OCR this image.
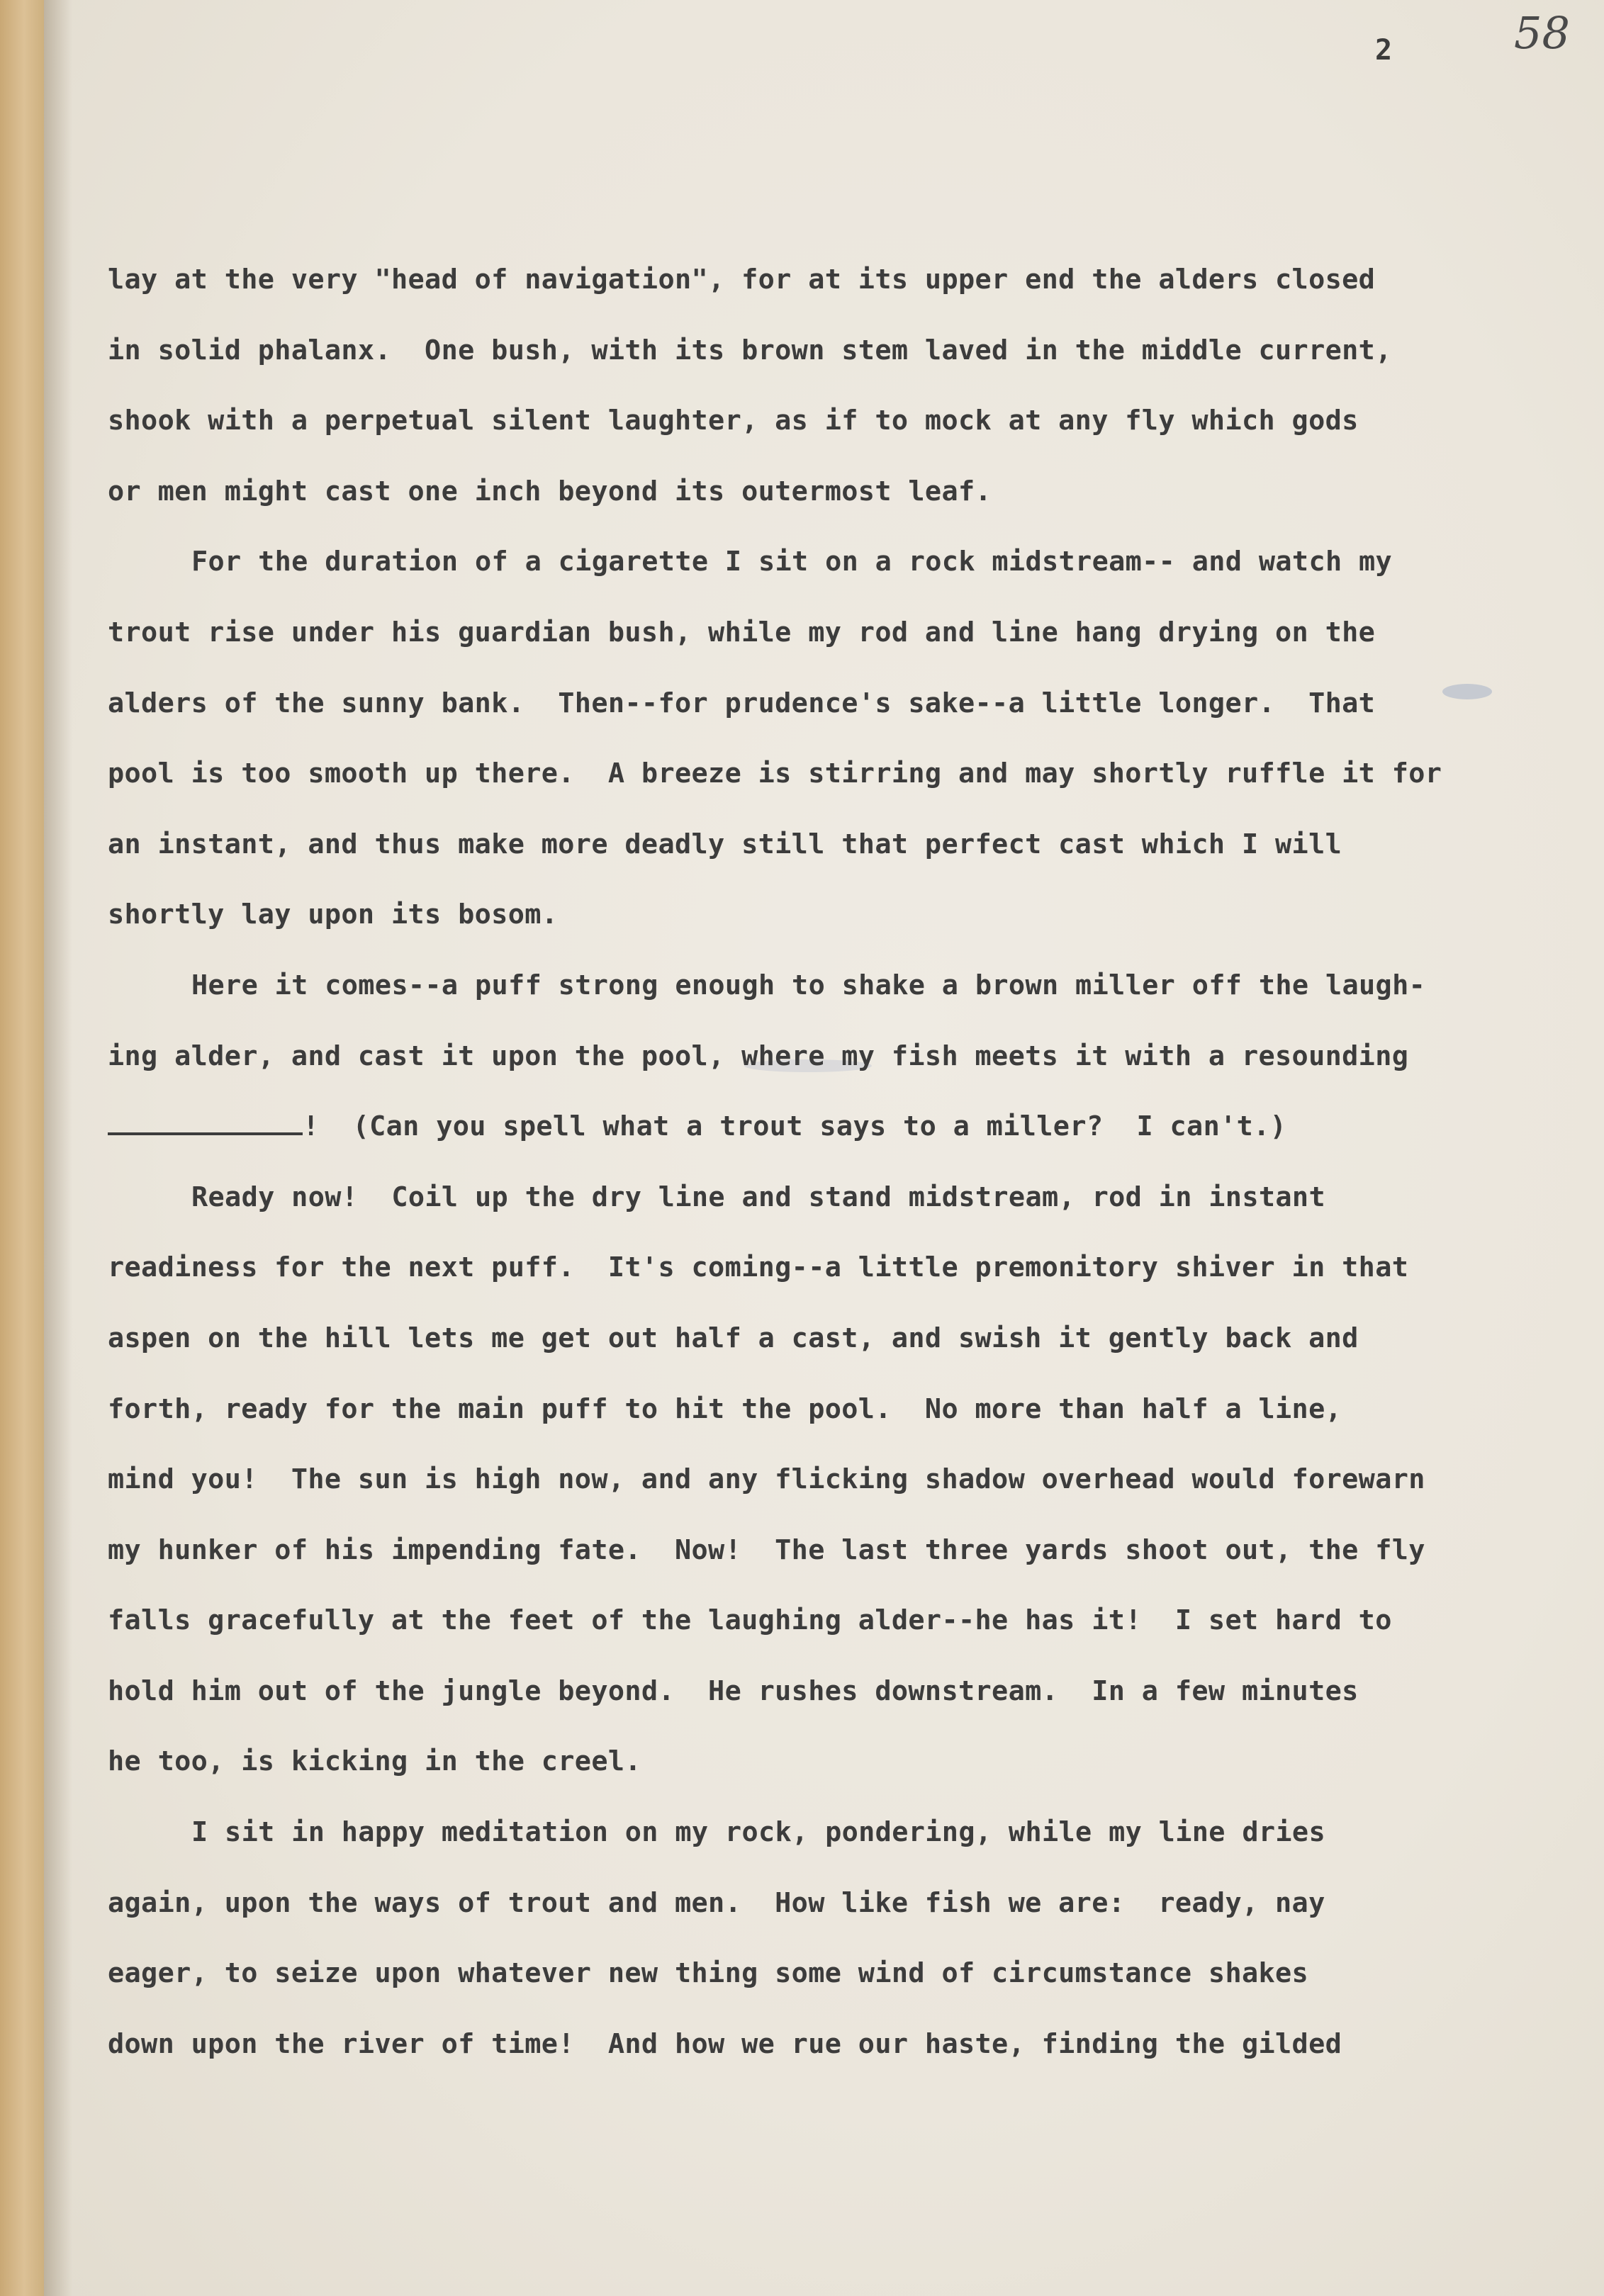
2	58
lay at the very "head of navigation", for at its upper end the alders closed
in solid phalanx.  One bush, with its brown stem laved in the middle current,
shook with a perpetual silent laughter, as if to mock at any fly which gods
or men might cast one inch beyond its outermost leaf.
For the duration of a cigarette I sit on a rock midstream-- and watch my
trout rise under his guardian bush, while my rod and line hang drying on the
alders of the sunny bank.  Then--for prudence's sake--a little longer.  That
pool is too smooth up there.  A breeze is stirring and may shortly ruffle it for
an instant, and thus make more deadly still that perfect cast which I will
shortly lay upon its bosom.
Here it comes--a puff strong enough to shake a brown miller off the laugh-
ing alder, and cast it upon the pool, where my fish meets it with a resounding
!  (Can you spell what a trout says to a miller?  I can't.)
Ready now!  Coil up the dry line and stand midstream, rod in instant
readiness for the next puff.  It's coming--a little premonitory shiver in that
aspen on the hill lets me get out half a cast, and swish it gently back and
forth, ready for the main puff to hit the pool.  No more than half a line,
mind you!  The sun is high now, and any flicking shadow overhead would forewarn
my hunker of his impending fate.  Now!  The last three yards shoot out, the fly
falls gracefully at the feet of the laughing alder--he has it!  I set hard to
hold him out of the jungle beyond.  He rushes downstream.  In a few minutes
he too, is kicking in the creel.
I sit in happy meditation on my rock, pondering, while my line dries
again, upon the ways of trout and men.  How like fish we are:  ready, nay
eager, to seize upon whatever new thing some wind of circumstance shakes
down upon the river of time!  And how we rue our haste, finding the gilded
